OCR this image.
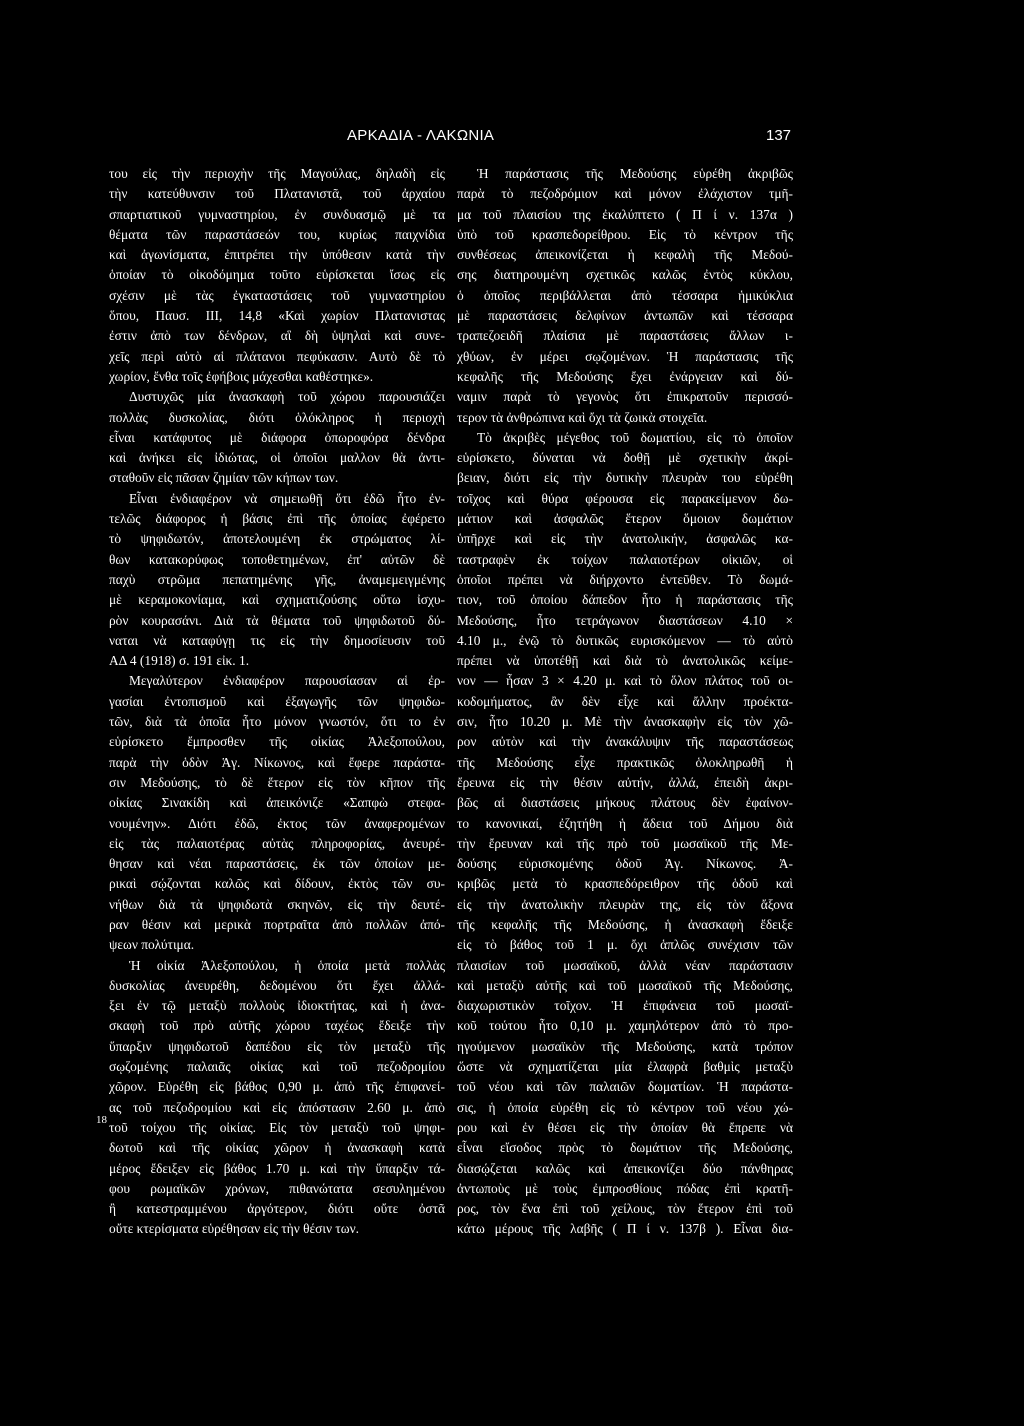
ΑΡΚΑΔΙΑ - ΛΑΚΩΝΙΑ	137
του εἰς τὴν περιοχὴν τῆς Μαγούλας, δηλαδὴ εἰς
τὴν κατεύθυνσιν τοῦ Πλατανιστᾶ, τοῦ ἀρχαίου
σπαρτιατικοῦ γυμναστηρίου, ἐν συνδυασμῷ μὲ τα
θέματα τῶν παραστάσεών του, κυρίως παιχνίδια
καὶ ἀγωνίσματα, ἐπιτρέπει τὴν ὑπόθεσιν κατὰ τὴν
ὁποίαν τὸ οἰκοδόμημα τοῦτο εὑρίσκεται ἴσως εἰς
σχέσιν μὲ τὰς ἐγκαταστάσεις τοῦ γυμναστηρίου
ὅπου, Παυσ. III, 14,8 «Καὶ χωρίον Πλατανιστας
ἐστιν ἀπὸ των δένδρων, αἳ δὴ ὑψηλαὶ καὶ συνε-
χεῖς περὶ αὐτὸ αἱ πλάτανοι πεφύκασιν. Αυτὸ δὲ τὸ
χωρίον, ἔνθα τοῖς ἐφήβοις μάχεσθαι καθέστηκε».
Δυστυχῶς μία ἀνασκαφὴ τοῦ χώρου παρουσιάζει
πολλὰς δυσκολίας, διότι ὁλόκληρος ἡ περιοχὴ
εἶναι κατάφυτος μὲ διάφορα ὀπωροφόρα δένδρα
καὶ ἀνήκει εἰς ἰδιώτας, οἱ ὁποῖοι μαλλον θὰ ἀντι-
σταθοῦν εἰς πᾶσαν ζημίαν τῶν κήπων των.
Εἶναι ἐνδιαφέρον νὰ σημειωθῇ ὅτι ἐδῶ ἦτο ἐν-
τελῶς διάφορος ἡ βάσις ἐπὶ τῆς ὁποίας ἐφέρετο
τὸ ψηφιδωτόν, ἀποτελουμένη ἐκ στρώματος λί-
θων κατακορύφως τοποθετημένων, ἐπ' αὐτῶν δὲ
παχὺ στρῶμα πεπατημένης γῆς, ἀναμεμειγμένης
μὲ κεραμοκονίαμα, καὶ σχηματιζούσης οὕτω ἰσχυ-
ρὸν κουρασάνι. Διὰ τὰ θέματα τοῦ ψηφιδωτοῦ δύ-
ναται νὰ καταφύγῃ τις εἰς τὴν δημοσίευσιν τοῦ
ΑΔ 4 (1918) σ. 191 εἰκ. 1.
Μεγαλύτερον ἐνδιαφέρον παρουσίασαν αἱ ἐρ-
γασίαι ἐντοπισμοῦ καὶ ἐξαγωγῆς τῶν ψηφιδω-
τῶν, διὰ τὰ ὁποῖα ἦτο μόνον γνωστόν, ὅτι το ἐν
εὑρίσκετο ἔμπροσθεν τῆς οἰκίας Ἀλεξοπούλου,
παρὰ τὴν ὁδὸν Ἁγ. Νίκωνος, καὶ ἔφερε παράστα-
σιν Μεδούσης, τὸ δὲ ἕτερον εἰς τὸν κῆπον τῆς
οἰκίας Σινακίδη καὶ ἀπεικόνιζε «Σαπφὼ στεφα-
νουμένην». Διότι ἐδῶ, ἐκτος τῶν ἀναφερομένων
εἰς τὰς παλαιοτέρας αὐτὰς πληροφορίας, ἀνευρέ-
θησαν καὶ νέαι παραστάσεις, ἐκ τῶν ὁποίων με-
ρικαὶ σῴζονται καλῶς καὶ δίδουν, ἐκτὸς τῶν συ-
νήθων διὰ τὰ ψηφιδωτὰ σκηνῶν, εἰς τὴν δευτέ-
ραν θέσιν καὶ μερικὰ πορτραῖτα ἀπὸ πολλῶν ἀπό-
ψεων πολύτιμα.
Ἡ οἰκία Ἀλεξοπούλου, ἡ ὁποία μετὰ πολλὰς
δυσκολίας ἀνευρέθη, δεδομένου ὅτι ἔχει ἀλλά-
ξει ἐν τῷ μεταξὺ πολλοὺς ἰδιοκτήτας, καὶ ἡ ἀνα-
σκαφὴ τοῦ πρὸ αὐτῆς χώρου ταχέως ἔδειξε τὴν
ὕπαρξιν ψηφιδωτοῦ δαπέδου εἰς τὸν μεταξὺ τῆς
σῳζομένης παλαιᾶς οἰκίας καὶ τοῦ πεζοδρομίου
χῶρον. Εὑρέθη εἰς βάθος 0,90 μ. ἀπὸ τῆς ἐπιφανεί-
ας τοῦ πεζοδρομίου καὶ εἰς ἀπόστασιν 2.60 μ. ἀπὸ
τοῦ τοίχου τῆς οἰκίας. Εἰς τὸν μεταξὺ τοῦ ψηφι-
δωτοῦ καὶ τῆς οἰκίας χῶρον ἡ ἀνασκαφὴ κατὰ
μέρος ἔδειξεν εἰς βάθος 1.70 μ. καὶ τὴν ὕπαρξιν τά-
φου ρωμαϊκῶν χρόνων, πιθανώτατα σεσυλημένου
ἢ κατεστραμμένου ἀργότερον, διότι οὔτε ὀστᾶ
οὔτε κτερίσματα εὑρέθησαν εἰς τὴν θέσιν των.
Ἡ παράστασις τῆς Μεδούσης εὑρέθη ἀκριβῶς
παρὰ τὸ πεζοδρόμιον καὶ μόνον ἐλάχιστον τμῆ-
μα τοῦ πλαισίου της ἐκαλύπτετο ( Π ί ν. 137α )
ὑπὸ τοῦ κρασπεδορείθρου. Εἰς τὸ κέντρον τῆς
συνθέσεως ἀπεικονίζεται ἡ κεφαλὴ τῆς Μεδού-
σης διατηρουμένη σχετικῶς καλῶς ἐντὸς κύκλου,
ὁ ὁποῖος περιβάλλεται ἀπὸ τέσσαρα ἡμικύκλια
μὲ παραστάσεις δελφίνων ἀντωπῶν καὶ τέσσαρα
τραπεζοειδῆ πλαίσια μὲ παραστάσεις ἄλλων ι-
χθύων, ἐν μέρει σῳζομένων. Ἡ παράστασις τῆς
κεφαλῆς τῆς Μεδούσης ἔχει ἐνάργειαν καὶ δύ-
ναμιν παρὰ τὸ γεγονὸς ὅτι ἐπικρατοῦν περισσό-
τερον τὰ ἀνθρώπινα καὶ ὄχι τὰ ζωικὰ στοιχεῖα.
Τὸ ἀκριβὲς μέγεθος τοῦ δωματίου, εἰς τὸ ὁποῖον
εὑρίσκετο, δύναται νὰ δοθῇ μὲ σχετικὴν ἀκρί-
βειαν, διότι εἰς τὴν δυτικὴν πλευρὰν του εὑρέθη
τοῖχος καὶ θύρα φέρουσα εἰς παρακείμενον δω-
μάτιον καὶ ἀσφαλῶς ἕτερον ὅμοιον δωμάτιον
ὑπῆρχε καὶ εἰς τὴν ἀνατολικήν, ἀσφαλῶς κα-
ταστραφὲν ἐκ τοίχων παλαιοτέρων οἰκιῶν, οἱ
ὁποῖοι πρέπει νὰ διήρχοντο ἐντεῦθεν. Τὸ δωμά-
τιον, τοῦ ὁποίου δάπεδον ἦτο ἡ παράστασις τῆς
Μεδούσης, ἦτο τετράγωνον διαστάσεων 4.10 ×
4.10 μ., ἐνῷ τὸ δυτικῶς ευρισκόμενον — τὸ αὐτὸ
πρέπει νὰ ὑποτέθῇ καὶ διὰ τὸ ἀνατολικῶς κείμε-
νον — ἦσαν 3 × 4.20 μ. καὶ τὸ ὅλον πλάτος τοῦ οι-
κοδομήματος, ἂν δὲν εἶχε καὶ ἄλλην προέκτα-
σιν, ἦτο 10.20 μ. Μὲ τὴν ἀνασκαφὴν εἰς τὸν χῶ-
ρον αὐτὸν καὶ τὴν ἀνακάλυψιν τῆς παραστάσεως
τῆς Μεδούσης εἶχε πρακτικῶς ὁλοκληρωθῆ ἡ
ἔρευνα εἰς τὴν θέσιν αὐτήν, ἀλλά, ἐπειδὴ ἀκρι-
βῶς αἱ διαστάσεις μήκους πλάτους δὲν ἐφαίνον-
το κανονικαί, ἐζητήθη ἡ ἄδεια τοῦ Δήμου διὰ
τὴν ἔρευναν καὶ τῆς πρὸ τοῦ μωσαϊκοῦ τῆς Με-
δούσης εὑρισκομένης ὁδοῦ Ἁγ. Νίκωνος. Ἀ-
κριβῶς μετὰ τὸ κρασπεδόρειθρον τῆς ὁδοῦ καὶ
εἰς τὴν ἀνατολικὴν πλευρὰν της, εἰς τὸν ἄξονα
τῆς κεφαλῆς τῆς Μεδούσης, ἡ ἀνασκαφὴ ἔδειξε
εἰς τὸ βάθος τοῦ 1 μ. ὄχι ἁπλῶς συνέχισιν τῶν
πλαισίων τοῦ μωσαϊκοῦ, ἀλλὰ νέαν παράστασιν
καὶ μεταξὺ αὐτῆς καὶ τοῦ μωσαϊκοῦ τῆς Μεδούσης,
διαχωριστικὸν τοῖχον. Ἡ ἐπιφάνεια τοῦ μωσαϊ-
κοῦ τούτου ἦτο 0,10 μ. χαμηλότερον ἀπὸ τὸ προ-
ηγούμενον μωσαϊκὸν τῆς Μεδούσης, κατὰ τρόπον
ὥστε νὰ σχηματίζεται μία ἐλαφρὰ βαθμὶς μεταξὺ
τοῦ νέου καὶ τῶν παλαιῶν δωματίων. Ἡ παράστα-
σις, ἡ ὁποία εὑρέθη εἰς τὸ κέντρον τοῦ νέου χώ-
ρου καὶ ἐν θέσει εἰς τὴν ὁποίαν θὰ ἔπρεπε νὰ
εἶναι εἴσοδος πρὸς τὸ δωμάτιον τῆς Μεδούσης,
διασῴζεται καλῶς καὶ ἀπεικονίζει δύο πάνθηρας
ἀντωποὺς μὲ τοὺς ἐμπροσθίους πόδας ἐπὶ κρατῆ-
ρος, τὸν ἕνα ἐπὶ τοῦ χείλους, τὸν ἕτερον ἐπὶ τοῦ
κάτω μέρους τῆς λαβῆς ( Π ί ν. 137β ). Εἶναι δια-
18
